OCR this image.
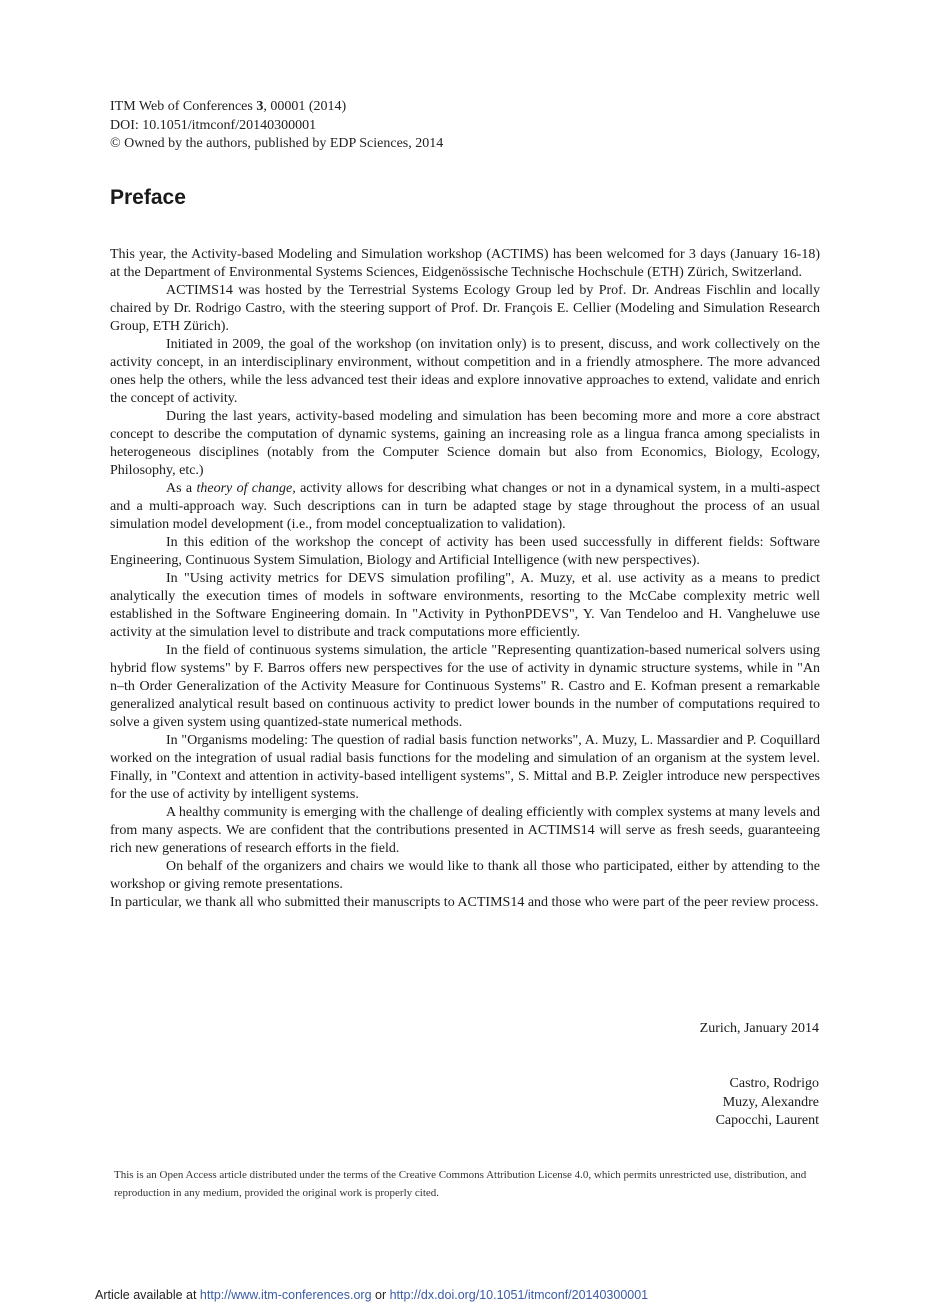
ITM Web of Conferences 3, 00001 (2014)
DOI: 10.1051/itmconf/20140300001
© Owned by the authors, published by EDP Sciences, 2014
Preface

This year, the Activity-based Modeling and Simulation workshop (ACTIMS) has been welcomed for 3 days (January 16-18) at the Department of Environmental Systems Sciences, Eidgenössische Technische Hochschule (ETH) Zürich, Switzerland.

ACTIMS14 was hosted by the Terrestrial Systems Ecology Group led by Prof. Dr. Andreas Fischlin and locally chaired by Dr. Rodrigo Castro, with the steering support of Prof. Dr. François E. Cellier (Modeling and Simulation Research Group, ETH Zürich).

Initiated in 2009, the goal of the workshop (on invitation only) is to present, discuss, and work collectively on the activity concept, in an interdisciplinary environment, without competition and in a friendly atmosphere. The more advanced ones help the others, while the less advanced test their ideas and explore innovative approaches to extend, validate and enrich the concept of activity.

During the last years, activity-based modeling and simulation has been becoming more and more a core abstract concept to describe the computation of dynamic systems, gaining an increasing role as a lingua franca among specialists in heterogeneous disciplines (notably from the Computer Science domain but also from Economics, Biology, Ecology, Philosophy, etc.)

As a theory of change, activity allows for describing what changes or not in a dynamical system, in a multi-aspect and a multi-approach way. Such descriptions can in turn be adapted stage by stage throughout the process of an usual simulation model development (i.e., from model conceptualization to validation).

In this edition of the workshop the concept of activity has been used successfully in different fields: Software Engineering, Continuous System Simulation, Biology and Artificial Intelligence (with new perspectives).

In "Using activity metrics for DEVS simulation profiling", A. Muzy, et al. use activity as a means to predict analytically the execution times of models in software environments, resorting to the McCabe complexity metric well established in the Software Engineering domain. In "Activity in PythonPDEVS", Y. Van Tendeloo and H. Vangheluwe use activity at the simulation level to distribute and track computations more efficiently.

In the field of continuous systems simulation, the article "Representing quantization-based numerical solvers using hybrid flow systems" by F. Barros offers new perspectives for the use of activity in dynamic structure systems, while in "An n–th Order Generalization of the Activity Measure for Continuous Systems" R. Castro and E. Kofman present a remarkable generalized analytical result based on continuous activity to predict lower bounds in the number of computations required to solve a given system using quantized-state numerical methods.

In "Organisms modeling: The question of radial basis function networks", A. Muzy, L. Massardier and P. Coquillard worked on the integration of usual radial basis functions for the modeling and simulation of an organism at the system level. Finally, in "Context and attention in activity-based intelligent systems", S. Mittal and B.P. Zeigler introduce new perspectives for the use of activity by intelligent systems.

A healthy community is emerging with the challenge of dealing efficiently with complex systems at many levels and from many aspects. We are confident that the contributions presented in ACTIMS14 will serve as fresh seeds, guaranteeing rich new generations of research efforts in the field.

On behalf of the organizers and chairs we would like to thank all those who participated, either by attending to the workshop or giving remote presentations.

In particular, we thank all who submitted their manuscripts to ACTIMS14 and those who were part of the peer review process.

Zurich, January 2014
Castro, Rodrigo
Muzy, Alexandre
Capocchi, Laurent
This is an Open Access article distributed under the terms of the Creative Commons Attribution License 4.0, which permits unrestricted use, distribution, and reproduction in any medium, provided the original work is properly cited.
Article available at http://www.itm-conferences.org or http://dx.doi.org/10.1051/itmconf/20140300001
